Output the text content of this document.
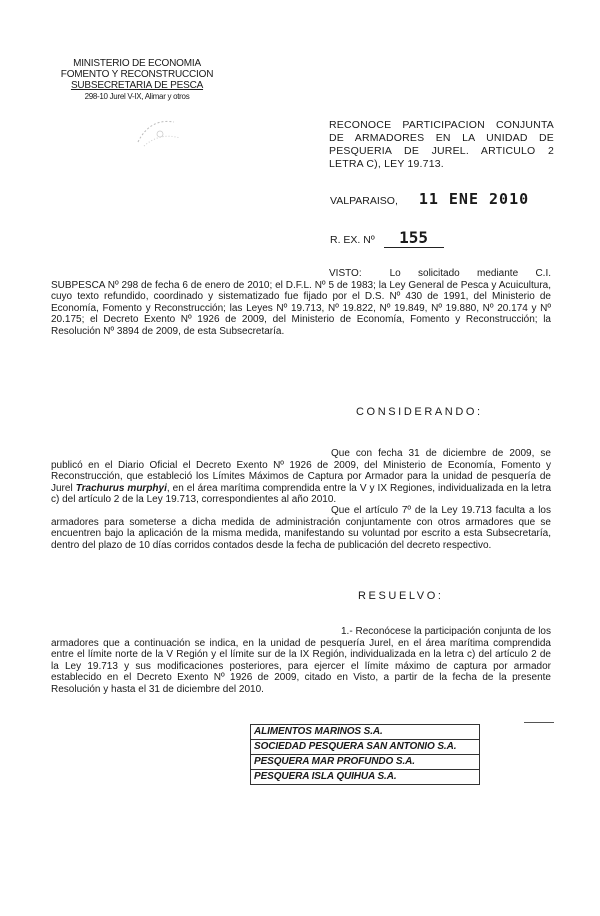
MINISTERIO DE ECONOMIA
FOMENTO Y RECONSTRUCCION
SUBSECRETARIA DE PESCA
298-10 Jurel V-IX, Alimar y otros
RECONOCE PARTICIPACION CONJUNTA DE ARMADORES EN LA UNIDAD DE PESQUERIA DE JUREL. ARTICULO 2 LETRA C), LEY 19.713.
VALPARAISO, 11 ENE 2010
R. EX. Nº 155
VISTO:	Lo solicitado mediante C.I. SUBPESCA Nº 298 de fecha 6 de enero de 2010; el D.F.L. Nº 5 de 1983; la Ley General de Pesca y Acuicultura, cuyo texto refundido, coordinado y sistematizado fue fijado por el D.S. Nº 430 de 1991, del Ministerio de Economía, Fomento y Reconstrucción; las Leyes Nº 19.713, Nº 19.822, Nº 19.849, Nº 19.880, Nº 20.174 y Nº 20.175; el Decreto Exento Nº 1926 de 2009, del Ministerio de Economía, Fomento y Reconstrucción; la Resolución Nº 3894 de 2009, de esta Subsecretaría.
CONSIDERANDO:
Que con fecha 31 de diciembre de 2009, se publicó en el Diario Oficial el Decreto Exento Nº 1926 de 2009, del Ministerio de Economía, Fomento y Reconstrucción, que estableció los Límites Máximos de Captura por Armador para la unidad de pesquería de Jurel Trachurus murphyi, en el área marítima comprendida entre la V y IX Regiones, individualizada en la letra c) del artículo 2 de la Ley 19.713, correspondientes al año 2010.
Que el artículo 7º de la Ley 19.713 faculta a los armadores para someterse a dicha medida de administración conjuntamente con otros armadores que se encuentren bajo la aplicación de la misma medida, manifestando su voluntad por escrito a esta Subsecretaría, dentro del plazo de 10 días corridos contados desde la fecha de publicación del decreto respectivo.
RESUELVO:
1.- Reconócese la participación conjunta de los armadores que a continuación se indica, en la unidad de pesquería Jurel, en el área marítima comprendida entre el límite norte de la V Región y el límite sur de la IX Región, individualizada en la letra c) del artículo 2 de la Ley 19.713 y sus modificaciones posteriores, para ejercer el límite máximo de captura por armador establecido en el Decreto Exento Nº 1926 de 2009, citado en Visto, a partir de la fecha de la presente Resolución y hasta el 31 de diciembre del 2010.
ALIMENTOS MARINOS S.A.
SOCIEDAD PESQUERA SAN ANTONIO S.A.
PESQUERA MAR PROFUNDO S.A.
PESQUERA ISLA QUIHUA S.A.
